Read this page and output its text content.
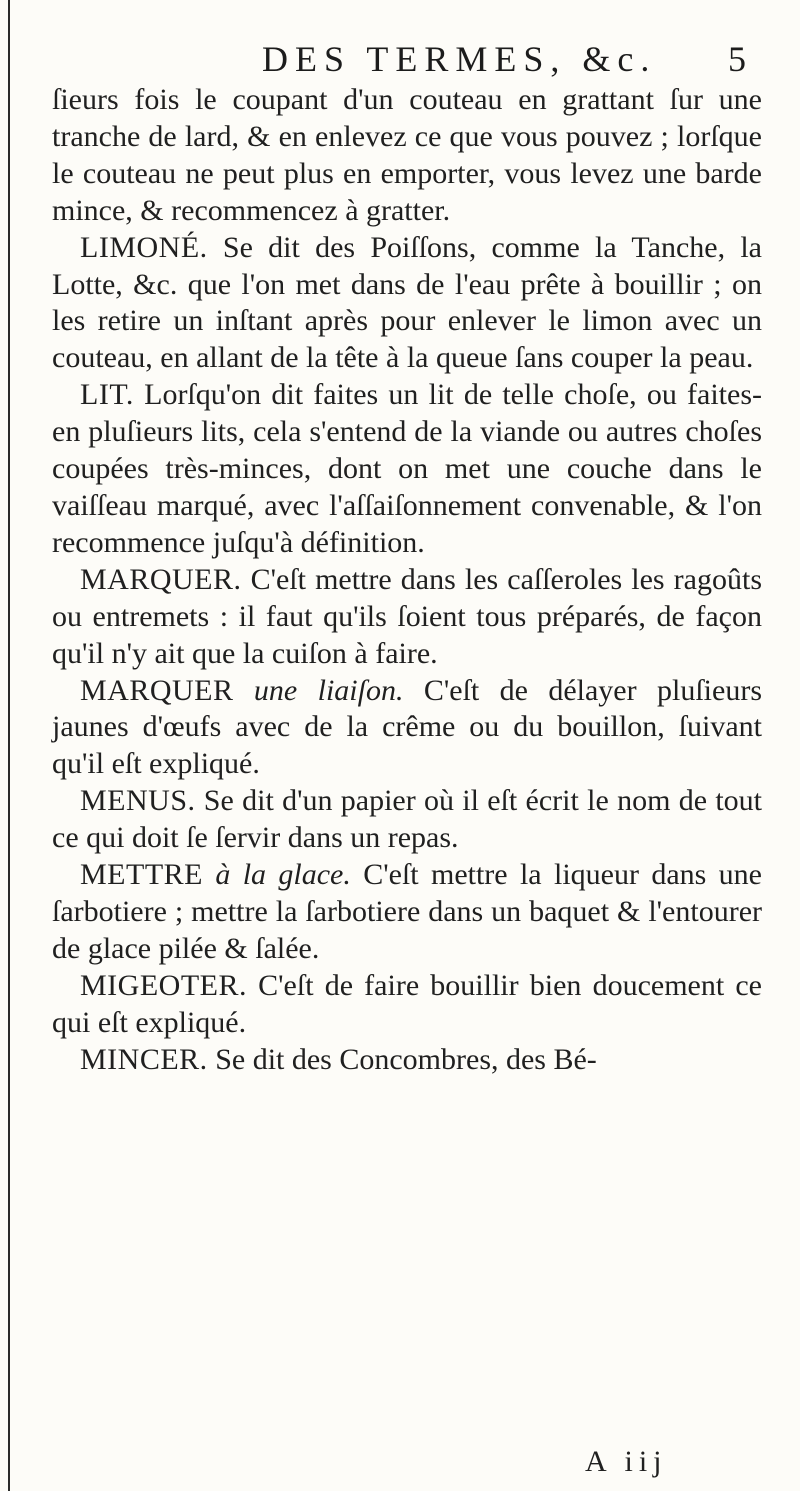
DES TERMES, &c. 5

ſieurs fois le coupant d'un couteau en grattant ſur une tranche de lard, & en enlevez ce que vous pouvez ; lorſque le couteau ne peut plus en emporter, vous levez une barde mince, & recommencez à gratter.

LIMONÉ. Se dit des Poiſſons, comme la Tanche, la Lotte, &c. que l'on met dans de l'eau prête à bouillir ; on les retire un inſtant après pour enlever le limon avec un couteau, en allant de la tête à la queue ſans couper la peau.

LIT. Lorſqu'on dit faites un lit de telle choſe, ou faites-en pluſieurs lits, cela s'entend de la viande ou autres choſes coupées très-minces, dont on met une couche dans le vaiſſeau marqué, avec l'aſſaiſonnement convenable, & l'on recommence juſqu'à définition.

MARQUER. C'eſt mettre dans les caſſeroles les ragoûts ou entremets : il faut qu'ils ſoient tous préparés, de façon qu'il n'y ait que la cuiſon à faire.

MARQUER une liaiſon. C'eſt de délayer pluſieurs jaunes d'œufs avec de la crême ou du bouillon, ſuivant qu'il eſt expliqué.

MENUS. Se dit d'un papier où il eſt écrit le nom de tout ce qui doit ſe ſervir dans un repas.

METTRE à la glace. C'eſt mettre la liqueur dans une ſarbotiere ; mettre la ſarbotiere dans un baquet & l'entourer de glace pilée & ſalée.

MIGEOTER. C'eſt de faire bouillir bien doucement ce qui eſt expliqué.

MINCER. Se dit des Concombres, des Bé-

A iij
